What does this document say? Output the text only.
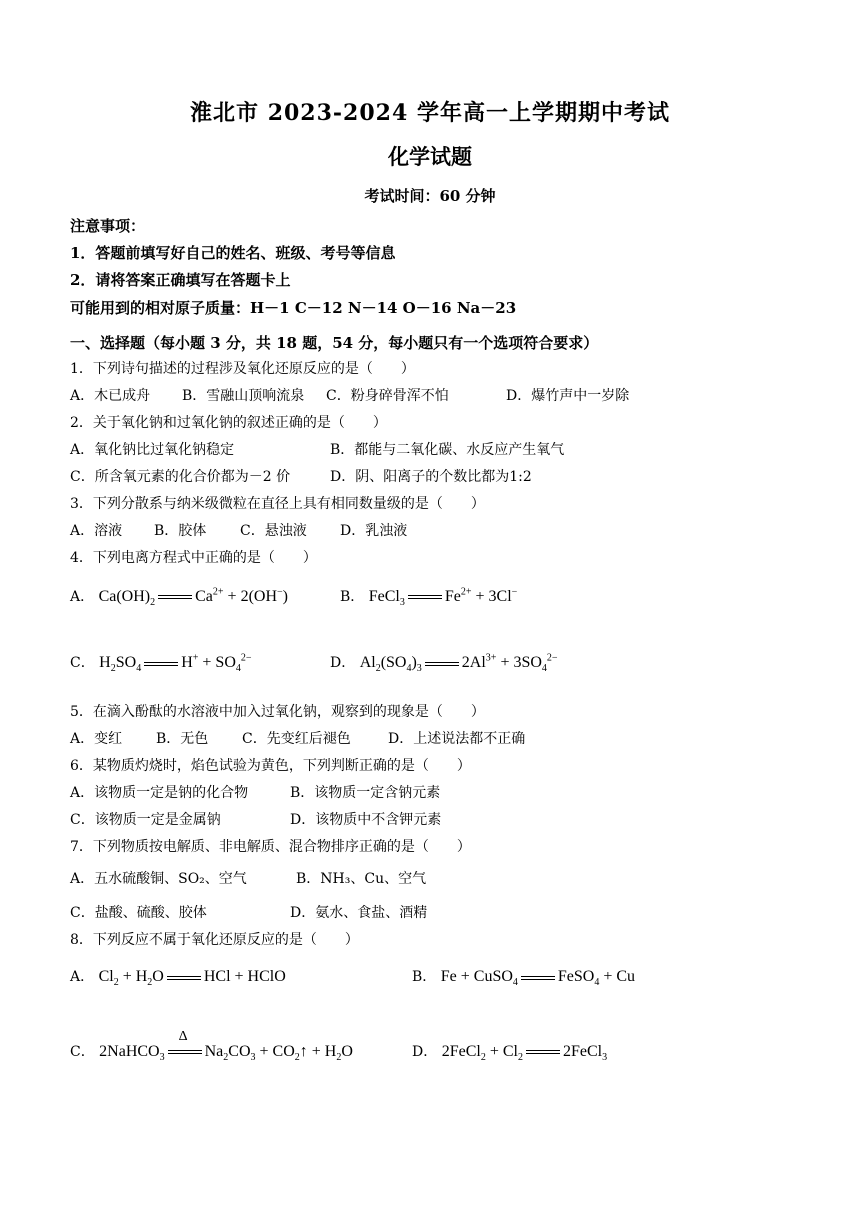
淮北市 2023-2024 学年高一上学期期中考试
化学试题
考试时间：60 分钟
注意事项：
1．答题前填写好自己的姓名、班级、考号等信息
2．请将答案正确填写在答题卡上
可能用到的相对原子质量：H－1 C－12 N－14 O－16 Na－23
一、选择题（每小题 3 分，共 18 题，54 分，每小题只有一个选项符合要求）
1．下列诗句描述的过程涉及氧化还原反应的是（　　）
A．木已成舟	B．雪融山顶响流泉	C．粉身碎骨浑不怕	D．爆竹声中一岁除
2．关于氧化钠和过氧化钠的叙述正确的是（　　）
A．氧化钠比过氧化钠稳定	B．都能与二氧化碳、水反应产生氧气
C．所含氧元素的化合价都为－2 价	D．阴、阳离子的个数比都为1:2
3．下列分散系与纳米级微粒在直径上具有相同数量级的是（　　）
A．溶液	B．胶体	C．悬浊液	D．乳浊液
4．下列电离方程式中正确的是（　　）
A． $Ca(OH)_2$	$Ca^{2+} + 2(OH^-)$	B． FeCl$_3$	$Fe^{2+} + 3Cl^-$
C． $H_2SO_4$	$H^+ + SO_4^{2-}$	D． $Al_2(SO_4)_3$	$2Al^{3+} + 3SO_4^{2-}$
5．在滴入酚酞的水溶液中加入过氧化钠，观察到的现象是（　　）
A．变红	B．无色	C．先变红后褪色	D．上述说法都不正确
6．某物质灼烧时，焰色试验为黄色，下列判断正确的是（　　）
A．该物质一定是钠的化合物	B．该物质一定含钠元素
C．该物质一定是金属钠	D．该物质中不含钾元素
7．下列物质按电解质、非电解质、混合物排序正确的是（　　）
A．五水硫酸铜、SO₂、空气	B．NH₃、Cu、空气
C．盐酸、硫酸、胶体	D．氨水、食盐、酒精
8．下列反应不属于氧化还原反应的是（　　）
A． $Cl_2 + H_2O$	HCl + HClO	B． Fe + CuSO$_4$	FeSO$_4$ + Cu
C． 2NaHCO$_3$
Δ
$Na_2CO_3$ + $CO_2↑ + H_2O$	D． 2FeCl$_2$ + $Cl_2$	2FeCl$_3$
